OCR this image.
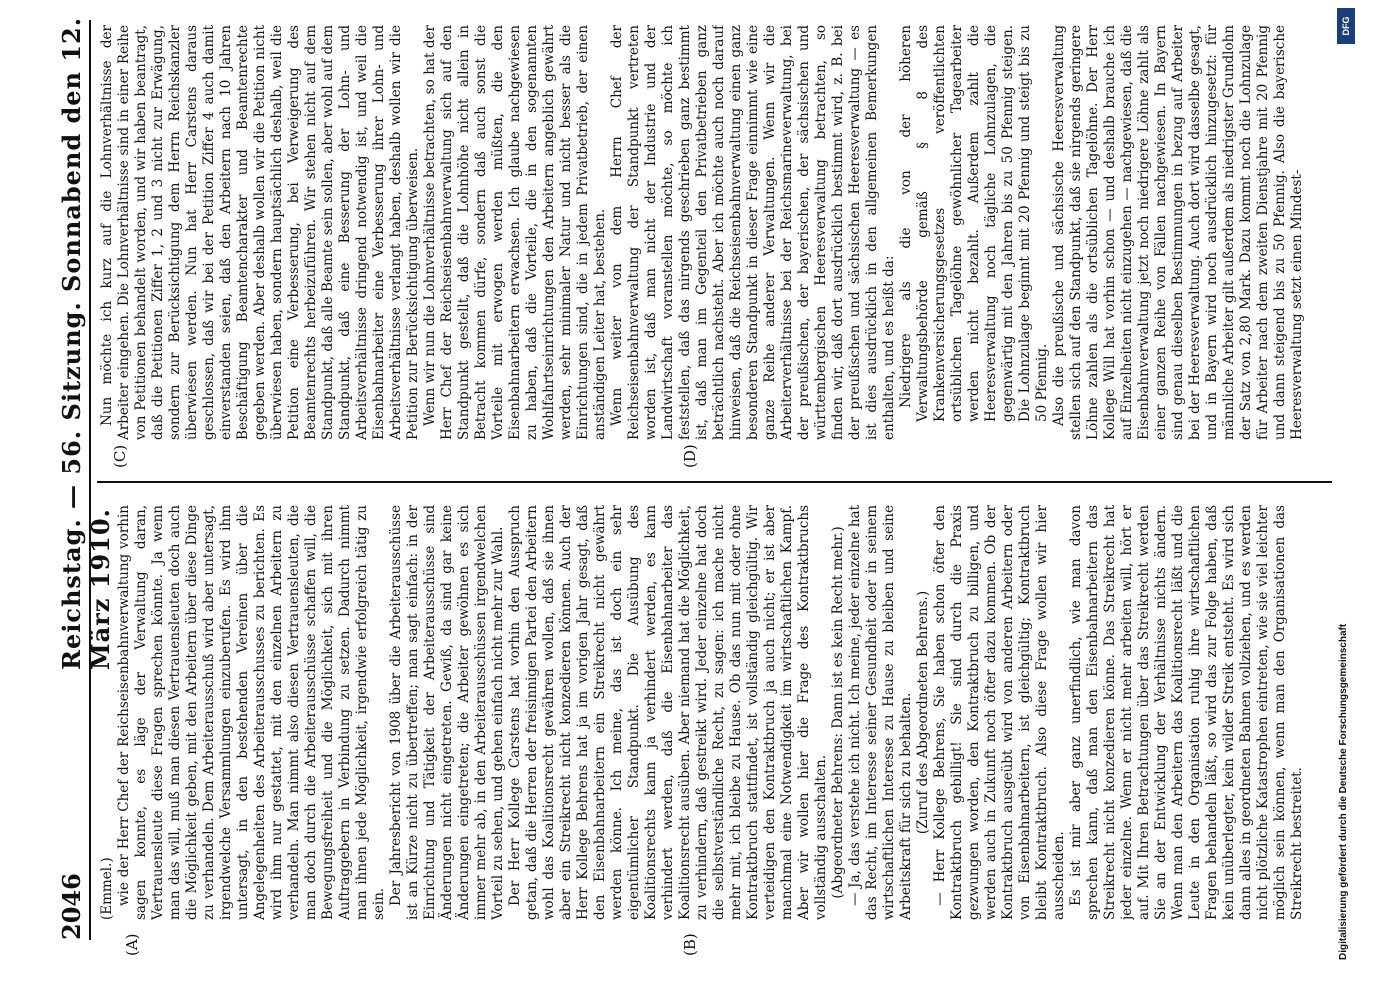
2046
Reichstag. — 56. Sitzung. Sonnabend den 12. März 1910.
(A)	(B)
(C)	(D)

(Emmel.) wie der Herr Chef der Reichseisenbahnverwaltung vorhin sagen konnte, es läge der Verwaltung daran, Vertrauensleute diese Fragen sprechen könnte. Ja wenn man das will, muß man diesen Vertrauensleuten doch auch die Möglichkeit geben, mit den Arbeitern über diese Dinge zu verhandeln. Dem Arbeiterausschuß wird aber untersagt, irgendwelche Versammlungen einzuberufen. Es wird ihm untersagt, in den bestehenden Vereinen über die Angelegenheiten des Arbeiterausschusses zu berichten. Es wird ihm nur gestattet, mit den einzelnen Arbeitern zu verhandeln. Man nimmt also diesen Vertrauensleuten, die man doch durch die Arbeiterausschüsse schaffen will, die Bewegungsfreiheit und die Möglichkeit, sich mit ihren Auftraggebern in Verbindung zu setzen. Dadurch nimmt man ihnen jede Möglichkeit, irgendwie erfolgreich tätig zu sein. Der Jahresbericht von 1908 über die Arbeiterausschüsse ist an Kürze nicht zu übertreffen; man sagt einfach: in der Einrichtung und Tätigkeit der Arbeiterausschüsse sind Änderungen nicht eingetreten. Gewiß, da sind gar keine Änderungen eingetreten; die Arbeiter gewöhnen es sich immer mehr ab, in den Arbeiterausschüssen irgendwelchen Vorteil zu sehen, und gehen einfach nicht mehr zur Wahl. Der Herr Kollege Carstens hat vorhin den Ausspruch getan, daß die Herren der freisinnigen Partei den Arbeitern wohl das Koalitionsrecht gewähren wollen, daß sie ihnen aber ein Streikrecht nicht konzedieren können. Auch der Herr Kollege Behrens hat ja im vorigen Jahr gesagt, daß den Eisenbahnarbeitern ein Streikrecht nicht gewährt werden könne. Ich meine, das ist doch ein sehr eigentümlicher Standpunkt. Die Ausübung des Koalitionsrechts kann ja verhindert werden, es kann verhindert werden, daß die Eisenbahnarbeiter das Koalitionsrecht ausüben. Aber niemand hat die Möglichkeit, zu verhindern, daß gestreikt wird. Jeder einzelne hat doch die selbstverständliche Recht, zu sagen: ich mache nicht mehr mit, ich bleibe zu Hause. Ob das nun mit oder ohne Kontraktbruch stattfindet, ist vollständig gleichgültig. Wir verteidigen den Kontraktbruch ja auch nicht; er ist aber manchmal eine Notwendigkeit im wirtschaftlichen Kampf. Aber wir wollen hier die Frage des Kontraktbruchs vollständig ausschalten. (Abgeordneter Behrens: Dann ist es kein Recht mehr.) — Ja, das verstehe ich nicht. Ich meine, jeder einzelne hat das Recht, im Interesse seiner Gesundheit oder in seinem wirtschaftlichen Interesse zu Hause zu bleiben und seine Arbeitskraft für sich zu behalten. (Zuruf des Abgeordneten Behrens.) — Herr Kollege Behrens, Sie haben schon öfter den Kontraktbruch gebilligt! Sie sind durch die Praxis gezwungen worden, den Kontraktbruch zu billigen, und werden auch in Zukunft noch öfter dazu kommen. Ob der Kontraktbruch ausgeübt wird von anderen Arbeitern oder von Eisenbahnarbeitern, ist gleichgültig; Kontraktbruch bleibt Kontraktbruch. Also diese Frage wollen wir hier ausscheiden. Es ist mir aber ganz unerfindlich, wie man davon sprechen kann, daß man den Eisenbahnarbeitern das Streikrecht nicht konzedieren könne. Das Streikrecht hat jeder einzelne. Wenn er nicht mehr arbeiten will, hört er auf. Mit Ihren Betrachtungen über das Streikrecht werden Sie an der Entwicklung der Verhältnisse nichts ändern. Wenn man den Arbeitern das Koalitionsrecht läßt und die Leute in den Organisation ruhig ihre wirtschaftlichen Fragen behandeln läßt, so wird das zur Folge haben, daß kein unüberlegter, kein wilder Streik entsteht. Es wird sich dann alles in geordneten Bahnen vollziehen, und es werden nicht plötzliche Katastrophen eintreten, wie sie viel leichter möglich sein können, wenn man den Organisationen das Streikrecht bestreitet.

Nun möchte ich kurz auf die Lohnverhältnisse der Arbeiter eingehen. Die Lohnverhältnisse sind in einer Reihe von Petitionen behandelt worden, und wir haben beantragt, daß die Petitionen Ziffer 1, 2 und 3 nicht zur Erwägung, sondern zur Berücksichtigung dem Herrn Reichskanzler überwiesen werden. Nun hat Herr Carstens daraus geschlossen, daß wir bei der Petition Ziffer 4 auch damit einverstanden seien, daß den Arbeitern nach 10 Jahren Beschäftigung Beamtencharakter und Beamtenrechte gegeben werden. Aber deshalb wollen wir die Petition nicht überwiesen haben, sondern hauptsächlich deshalb, weil die Petition eine Verbesserung, bei Verweigerung des Beamtenrechts herbeizuführen. Wir stehen nicht auf dem Standpunkt, daß alle Beamte sein sollen, aber wohl auf dem Standpunkt, daß eine Besserung der Lohn- und Arbeitsverhältnisse dringend notwendig ist, und weil die Eisenbahnarbeiter eine Verbesserung ihrer Lohn- und Arbeitsverhältnisse verlangt haben, deshalb wollen wir die Petition zur Berücksichtigung überweisen. Wenn wir nun die Lohnverhältnisse betrachten, so hat der Herr Chef der Reichseisenbahnverwaltung sich auf den Standpunkt gestellt, daß die Lohnhöhe nicht allein in Betracht kommen dürfe, sondern daß auch sonst die Vorteile mit erwogen werden müßten, die den Eisenbahnarbeitern erwachsen. Ich glaube nachgewiesen zu haben, daß die Vorteile, die in den sogenannten Wohlfahrtseinrichtungen den Arbeitern angeblich gewährt werden, sehr minimaler Natur und nicht besser als die Einrichtungen sind, die in jedem Privatbetrieb, der einen anständigen Leiter hat, bestehen. Wenn weiter von dem Herrn Chef der Reichseisenbahnverwaltung der Standpunkt vertreten worden ist, daß man nicht der Industrie und der Landwirtschaft voranstellen möchte, so möchte ich feststellen, daß das nirgends geschrieben ganz bestimmt ist, daß man im Gegenteil den Privatbetrieben ganz beträchtlich nachsteht. Aber ich möchte auch noch darauf hinweisen, daß die Reichseisenbahnverwaltung einen ganz besonderen Standpunkt in dieser Frage einnimmt wie eine ganze Reihe anderer Verwaltungen. Wenn wir die Arbeiterverhältnisse bei der Reichsmarineverwaltung, bei der preußischen, der bayerischen, der sächsischen und württembergischen Heeresverwaltung betrachten, so finden wir, daß dort ausdrücklich bestimmt wird, z. B. bei der preußischen und sächsischen Heeresverwaltung — es ist dies ausdrücklich in den allgemeinen Bemerkungen enthalten, und es heißt da: Niedrigere als die von der höheren Verwaltungsbehörde gemäß § 8 des Krankenversicherungsgesetzes veröffentlichten ortsüblichen Tagelöhne gewöhnlicher Tagearbeiter werden nicht bezahlt. Außerdem zahlt die Heeresverwaltung noch tägliche Lohnzulagen, die gegenwärtig mit den Jahren bis zu 50 Pfennig steigen. Die Lohnzulage beginnt mit 20 Pfennig und steigt bis zu 50 Pfennig. Also die preußische und sächsische Heeresverwaltung stellen sich auf den Standpunkt, daß sie nirgends geringere Löhne zahlen als die ortsüblichen Tagelöhne. Der Herr Kollege Will hat vorhin schon — und deshalb brauche ich auf Einzelheiten nicht einzugehen — nachgewiesen, daß die Eisenbahnverwaltung jetzt noch niedrigere Löhne zahlt als einer ganzen Reihe von Fällen nachgewiesen. In Bayern sind genau dieselben Bestimmungen in bezug auf Arbeiter bei der Heeresverwaltung. Auch dort wird dasselbe gesagt, und in Bayern wird noch ausdrücklich hinzugesetzt: für männliche Arbeiter gilt außerdem als niedrigster Grundlohn der Satz von 2,80 Mark. Dazu kommt noch die Lohnzulage für Arbeiter nach dem zweiten Dienstjahre mit 20 Pfennig und dann steigend bis zu 50 Pfennig. Also die bayerische Heeresverwaltung setzt einen Mindest-

DFG
Digitalisierung gefördert durch die Deutsche Forschungsgemeinschaft
